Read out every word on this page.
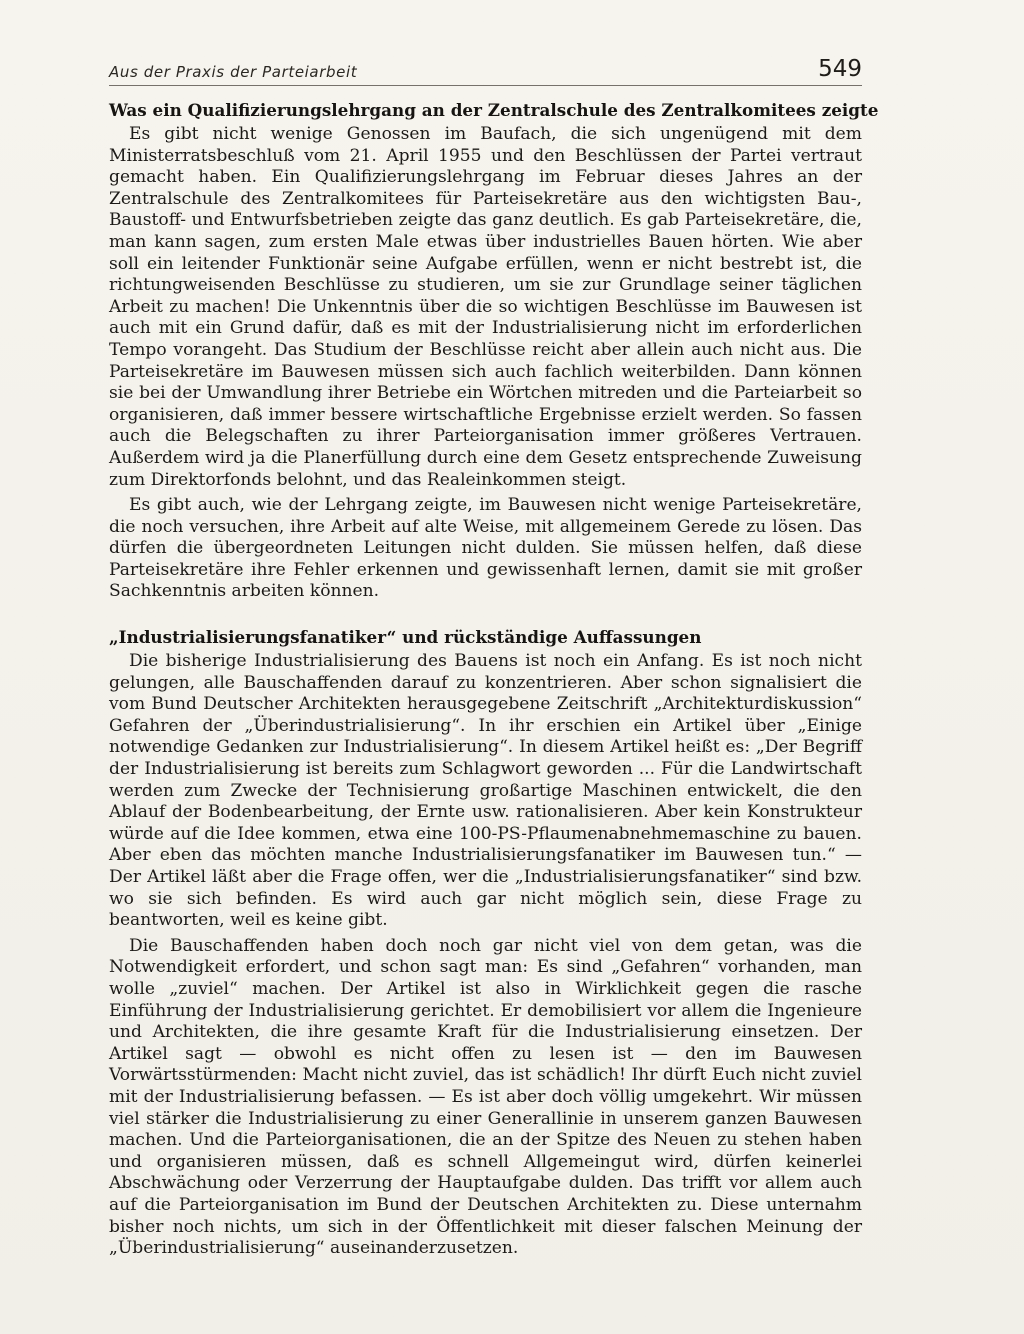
Aus der Praxis der Parteiarbeit	549
Was ein Qualifizierungslehrgang an der Zentralschule des Zentralkomitees zeigte

Es gibt nicht wenige Genossen im Baufach, die sich ungenügend mit dem Ministerratsbeschluß vom 21. April 1955 und den Beschlüssen der Partei vertraut gemacht haben. Ein Qualifizierungslehrgang im Februar dieses Jahres an der Zentralschule des Zentralkomitees für Parteisekretäre aus den wichtigsten Bau-, Baustoff- und Entwurfsbetrieben zeigte das ganz deutlich. Es gab Parteisekretäre, die, man kann sagen, zum ersten Male etwas über industrielles Bauen hörten. Wie aber soll ein leitender Funktionär seine Aufgabe erfüllen, wenn er nicht bestrebt ist, die richtungweisenden Beschlüsse zu studieren, um sie zur Grundlage seiner täglichen Arbeit zu machen! Die Unkenntnis über die so wichtigen Beschlüsse im Bauwesen ist auch mit ein Grund dafür, daß es mit der Industrialisierung nicht im erforderlichen Tempo vorangeht. Das Studium der Beschlüsse reicht aber allein auch nicht aus. Die Parteisekretäre im Bauwesen müssen sich auch fachlich weiterbilden. Dann können sie bei der Umwandlung ihrer Betriebe ein Wörtchen mitreden und die Parteiarbeit so organisieren, daß immer bessere wirtschaftliche Ergebnisse erzielt werden. So fassen auch die Belegschaften zu ihrer Parteiorganisation immer größeres Vertrauen. Außerdem wird ja die Planerfüllung durch eine dem Gesetz entsprechende Zuweisung zum Direktorfonds belohnt, und das Realeinkommen steigt.

Es gibt auch, wie der Lehrgang zeigte, im Bauwesen nicht wenige Parteisekretäre, die noch versuchen, ihre Arbeit auf alte Weise, mit allgemeinem Gerede zu lösen. Das dürfen die übergeordneten Leitungen nicht dulden. Sie müssen helfen, daß diese Parteisekretäre ihre Fehler erkennen und gewissenhaft lernen, damit sie mit großer Sachkenntnis arbeiten können.

„Industrialisierungsfanatiker“ und rückständige Auffassungen

Die bisherige Industrialisierung des Bauens ist noch ein Anfang. Es ist noch nicht gelungen, alle Bauschaffenden darauf zu konzentrieren. Aber schon signalisiert die vom Bund Deutscher Architekten herausgegebene Zeitschrift „Architekturdiskussion“ Gefahren der „Überindustrialisierung“. In ihr erschien ein Artikel über „Einige notwendige Gedanken zur Industrialisierung“. In diesem Artikel heißt es: „Der Begriff der Industrialisierung ist bereits zum Schlagwort geworden ... Für die Landwirtschaft werden zum Zwecke der Technisierung großartige Maschinen entwickelt, die den Ablauf der Bodenbearbeitung, der Ernte usw. rationalisieren. Aber kein Konstrukteur würde auf die Idee kommen, etwa eine 100-PS-Pflaumenabnehmemaschine zu bauen. Aber eben das möchten manche Industrialisierungsfanatiker im Bauwesen tun.“ — Der Artikel läßt aber die Frage offen, wer die „Industrialisierungsfanatiker“ sind bzw. wo sie sich befinden. Es wird auch gar nicht möglich sein, diese Frage zu beantworten, weil es keine gibt.

Die Bauschaffenden haben doch noch gar nicht viel von dem getan, was die Notwendigkeit erfordert, und schon sagt man: Es sind „Gefahren“ vorhanden, man wolle „zuviel“ machen. Der Artikel ist also in Wirklichkeit gegen die rasche Einführung der Industrialisierung gerichtet. Er demobilisiert vor allem die Ingenieure und Architekten, die ihre gesamte Kraft für die Industrialisierung einsetzen. Der Artikel sagt — obwohl es nicht offen zu lesen ist — den im Bauwesen Vorwärtsstürmenden: Macht nicht zuviel, das ist schädlich! Ihr dürft Euch nicht zuviel mit der Industrialisierung befassen. — Es ist aber doch völlig umgekehrt. Wir müssen viel stärker die Industrialisierung zu einer Generallinie in unserem ganzen Bauwesen machen. Und die Parteiorganisationen, die an der Spitze des Neuen zu stehen haben und organisieren müssen, daß es schnell Allgemeingut wird, dürfen keinerlei Abschwächung oder Verzerrung der Hauptaufgabe dulden. Das trifft vor allem auch auf die Parteiorganisation im Bund der Deutschen Architekten zu. Diese unternahm bisher noch nichts, um sich in der Öffentlichkeit mit dieser falschen Meinung der „Überindustrialisierung“ auseinanderzusetzen.
